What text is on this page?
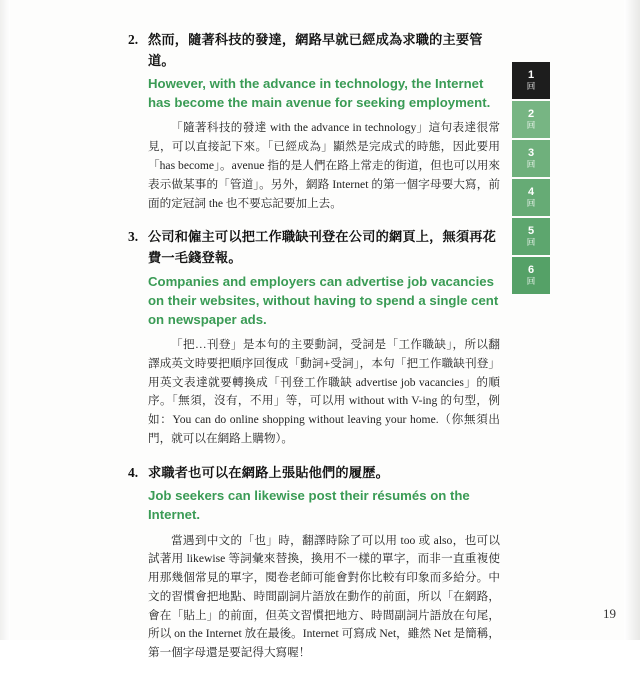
2. 然而，隨著科技的發達，網路早就已經成為求職的主要管道。
However, with the advance in technology, the Internet has become the main avenue for seeking employment.
「隨著科技的發達 with the advance in technology」這句表達很常見，可以直接記下來。「已經成為」顯然是完成式的時態，因此要用「has become」。avenue 指的是人們在路上常走的街道，但也可以用來表示做某事的「管道」。另外，網路 Internet 的第一個字母要大寫，前面的定冠詞 the 也不要忘記要加上去。
3. 公司和僱主可以把工作職缺刊登在公司的網頁上，無須再花費一毛錢登報。
Companies and employers can advertise job vacancies on their websites, without having to spend a single cent on newspaper ads.
「把…刊登」是本句的主要動詞，受詞是「工作職缺」，所以翻譯成英文時要把順序回復成「動詞+受詞」，本句「把工作職缺刊登」用英文表達就要轉換成「刊登工作職缺 advertise job vacancies」的順序。「無須，沒有，不用」等，可以用 without with V-ing 的句型，例如：You can do online shopping without leaving your home.（你無須出門，就可以在網路上購物）。
4. 求職者也可以在網路上張貼他們的履歷。
Job seekers can likewise post their résumés on the Internet.
當遇到中文的「也」時，翻譯時除了可以用 too 或 also，也可以試著用 likewise 等詞彙來替換，換用不一樣的單字，而非一直重複使用那幾個常見的單字，閱卷老師可能會對你比較有印象而多給分。中文的習慣會把地點、時間副詞片語放在動作的前面，所以「在網路，會在「貼上」的前面，但英文習慣把地方、時間副詞片語放在句尾，所以 on the Internet 放在最後。Internet 可寫成 Net，雖然 Net 是簡稱，第一個字母還是要記得大寫喔！
1
回
2
回
3
回
4
回
5
回
6
回
19
